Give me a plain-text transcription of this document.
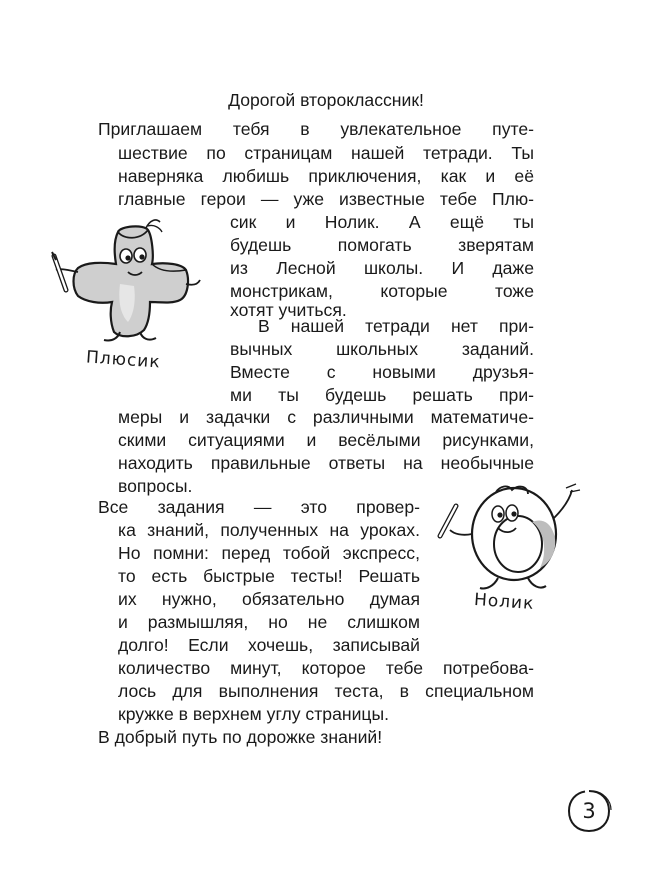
Дорогой второклассник!
Приглашаем тебя в увлекательное путе-
шествие по страницам нашей тетради. Ты
наверняка любишь приключения, как и её
главные герои — уже известные тебе Плю-
сик и Нолик. А ещё ты
будешь помогать зверятам
из Лесной школы. И даже
монстрикам, которые тоже
хотят учиться.
В нашей тетради нет при-
вычных школьных заданий.
Вместе с новыми друзья-
ми ты будешь решать при-
меры и задачки с различными математиче-
скими ситуациями и весёлыми рисунками,
находить правильные ответы на необычные
вопросы.
Все задания — это провер-
ка знаний, полученных на уроках.
Но помни: перед тобой экспресс,
то есть быстрые тесты! Решать
их нужно, обязательно думая
и размышляя, но не слишком
долго! Если хочешь, записывай
количество минут, которое тебе потребова-
лось для выполнения теста, в специальном
кружке в верхнем углу страницы.
В добрый путь по дорожке знаний!
Плюсик
Нолик
3
